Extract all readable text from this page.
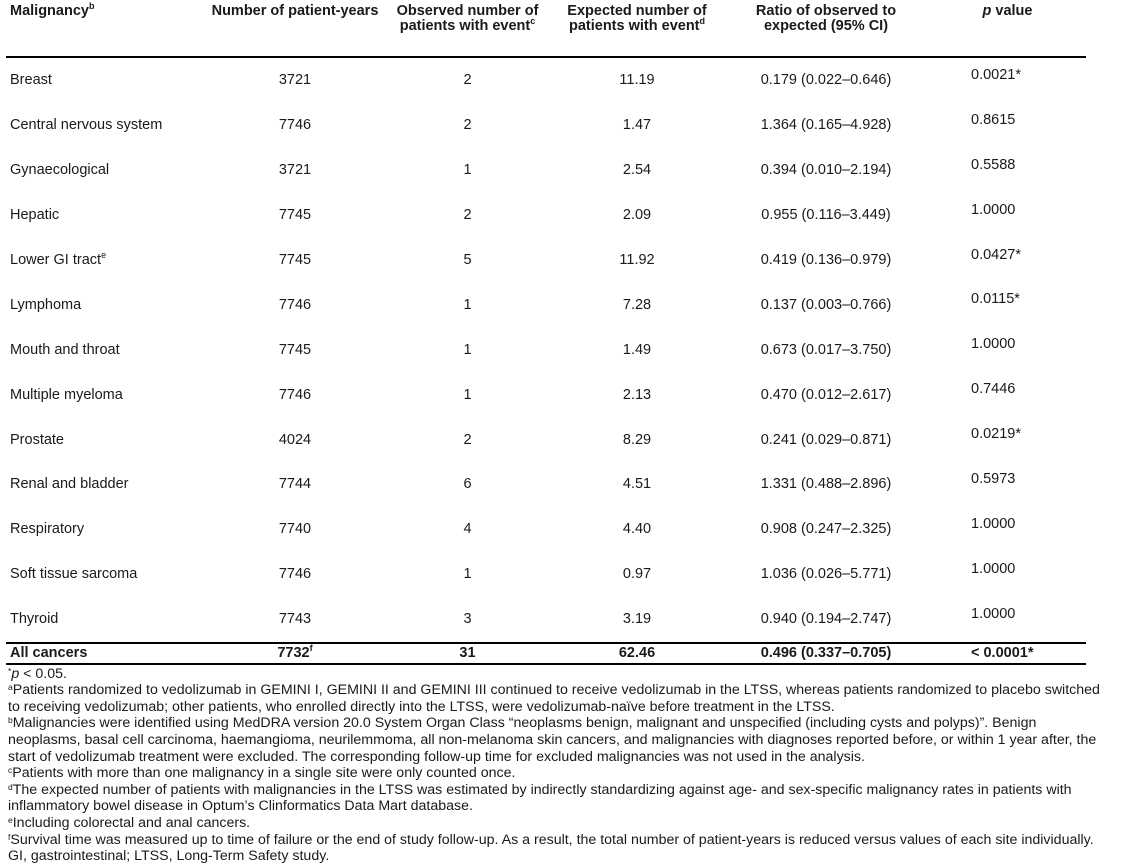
Malignancy$^b$	Number of patient-years	Observed number of patients with event$^c$	Expected number of patients with event$^d$	Ratio of observed to expected (95% CI)	p value
Breast	3721	2	11.19	0.179 (0.022–0.646)	0.0021*
Central nervous system	7746	2	1.47	1.364 (0.165–4.928)	0.8615
Gynaecological	3721	1	2.54	0.394 (0.010–2.194)	0.5588
Hepatic	7745	2	2.09	0.955 (0.116–3.449)	1.0000
Lower GI tract$^e$	7745	5	11.92	0.419 (0.136–0.979)	0.0427*
Lymphoma	7746	1	7.28	0.137 (0.003–0.766)	0.0115*
Mouth and throat	7745	1	1.49	0.673 (0.017–3.750)	1.0000
Multiple myeloma	7746	1	2.13	0.470 (0.012–2.617)	0.7446
Prostate	4024	2	8.29	0.241 (0.029–0.871)	0.0219*
Renal and bladder	7744	6	4.51	1.331 (0.488–2.896)	0.5973
Respiratory	7740	4	4.40	0.908 (0.247–2.325)	1.0000
Soft tissue sarcoma	7746	1	0.97	1.036 (0.026–5.771)	1.0000
Thyroid	7743	3	3.19	0.940 (0.194–2.747)	1.0000
All cancers	7732$^f$	31	62.46	0.496 (0.337–0.705)	< 0.0001*

*p < 0.05.

$^a$Patients randomized to vedolizumab in GEMINI I, GEMINI II and GEMINI III continued to receive vedolizumab in the LTSS, whereas patients randomized to placebo switched to receiving vedolizumab; other patients, who enrolled directly into the LTSS, were vedolizumab-naïve before treatment in the LTSS.

$^b$Malignancies were identified using MedDRA version 20.0 System Organ Class “neoplasms benign, malignant and unspecified (including cysts and polyps)”. Benign neoplasms, basal cell carcinoma, haemangioma, neurilemmoma, all non-melanoma skin cancers, and malignancies with diagnoses reported before, or within 1 year after, the start of vedolizumab treatment were excluded. The corresponding follow-up time for excluded malignancies was not used in the analysis.

$^c$Patients with more than one malignancy in a single site were only counted once.

$^d$The expected number of patients with malignancies in the LTSS was estimated by indirectly standardizing against age- and sex-specific malignancy rates in patients with inflammatory bowel disease in Optum’s Clinformatics Data Mart database.

$^e$Including colorectal and anal cancers.

$^f$Survival time was measured up to time of failure or the end of study follow-up. As a result, the total number of patient-years is reduced versus values of each site individually.

GI, gastrointestinal; LTSS, Long-Term Safety study.
